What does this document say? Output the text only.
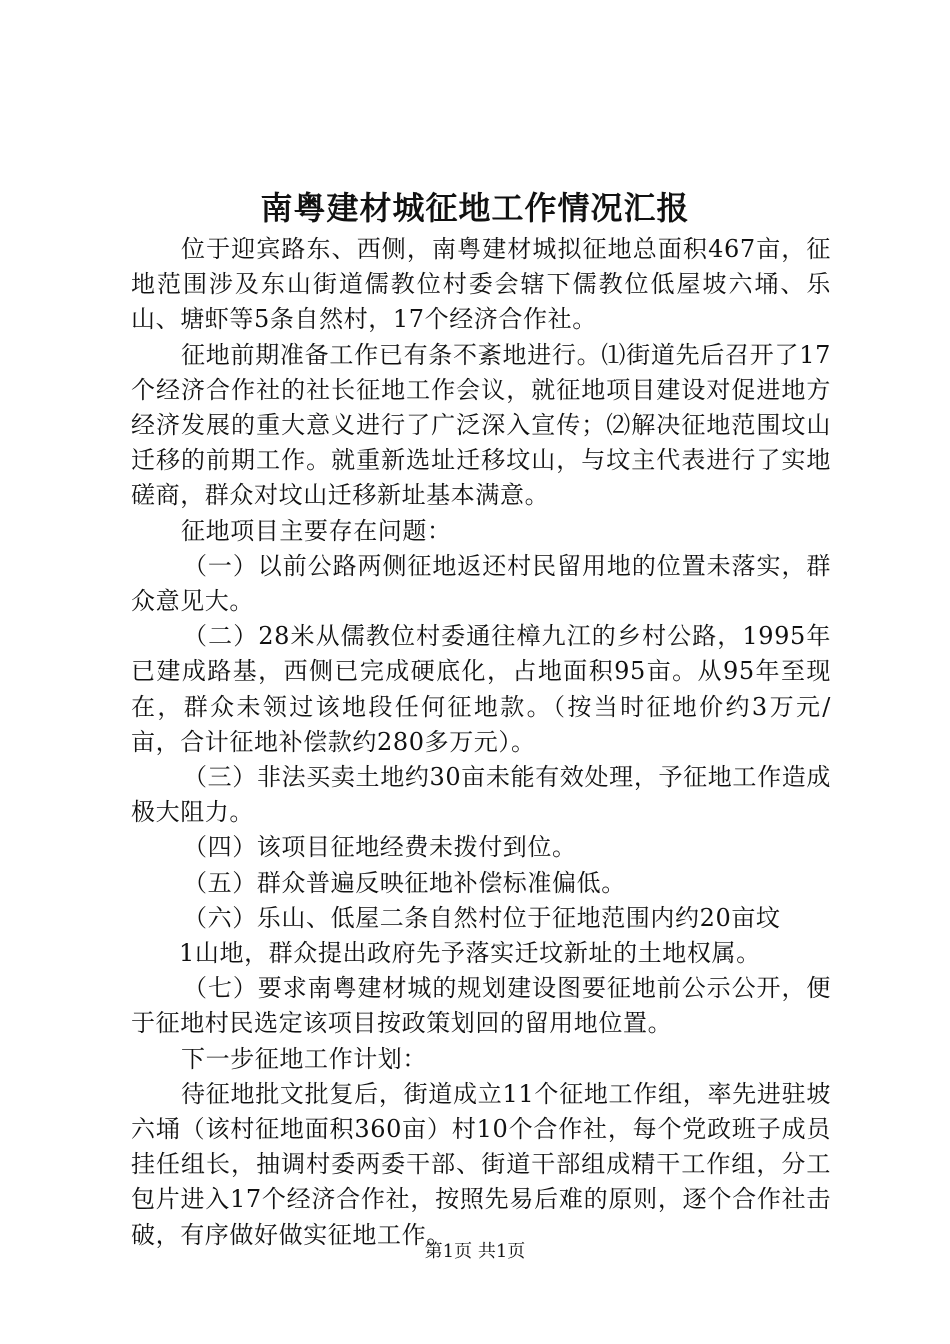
南粤建材城征地工作情况汇报

位于迎宾路东、西侧，南粤建材城拟征地总面积467亩，征地范围涉及东山街道儒教位村委会辖下儒教位低屋坡六埇、乐山、塘虾等5条自然村，17个经济合作社。

征地前期准备工作已有条不紊地进行。⑴街道先后召开了17个经济合作社的社长征地工作会议，就征地项目建设对促进地方经济发展的重大意义进行了广泛深入宣传；⑵解决征地范围坟山迁移的前期工作。就重新选址迁移坟山，与坟主代表进行了实地磋商，群众对坟山迁移新址基本满意。

征地项目主要存在问题：

（一）以前公路两侧征地返还村民留用地的位置未落实，群众意见大。

（二）28米从儒教位村委通往樟九江的乡村公路，1995年已建成路基，西侧已完成硬底化，占地面积95亩。从95年至现在，群众未领过该地段任何征地款。（按当时征地价约3万元/亩，合计征地补偿款约280多万元）。

（三）非法买卖土地约30亩未能有效处理，予征地工作造成极大阻力。

（四）该项目征地经费未拨付到位。

（五）群众普遍反映征地补偿标准偏低。

（六）乐山、低屋二条自然村位于征地范围内约20亩坟

1山地，群众提出政府先予落实迁坟新址的土地权属。

（七）要求南粤建材城的规划建设图要征地前公示公开，便于征地村民选定该项目按政策划回的留用地位置。

下一步征地工作计划：

待征地批文批复后，街道成立11个征地工作组，率先进驻坡六埇（该村征地面积360亩）村10个合作社，每个党政班子成员挂任组长，抽调村委两委干部、街道干部组成精干工作组，分工包片进入17个经济合作社，按照先易后难的原则，逐个合作社击破，有序做好做实征地工作。

第1页 共1页
